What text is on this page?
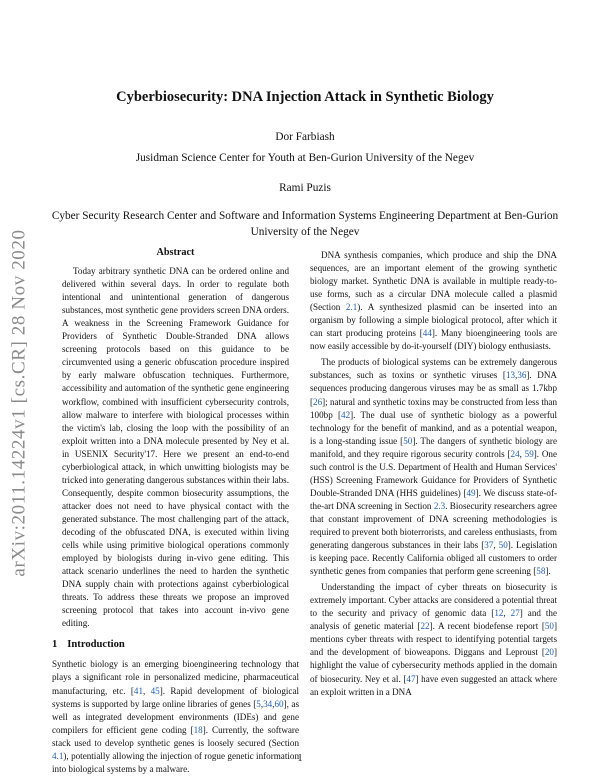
arXiv:2011.14224v1 [cs.CR] 28 Nov 2020
Cyberbiosecurity: DNA Injection Attack in Synthetic Biology
Dor Farbiash
Jusidman Science Center for Youth at Ben-Gurion University of the Negev
Rami Puzis
Cyber Security Research Center and Software and Information Systems Engineering Department at Ben-Gurion University of the Negev
Abstract

Today arbitrary synthetic DNA can be ordered online and delivered within several days. In order to regulate both intentional and unintentional generation of dangerous substances, most synthetic gene providers screen DNA orders. A weakness in the Screening Framework Guidance for Providers of Synthetic Double-Stranded DNA allows screening protocols based on this guidance to be circumvented using a generic obfuscation procedure inspired by early malware obfuscation techniques. Furthermore, accessibility and automation of the synthetic gene engineering workflow, combined with insufficient cybersecurity controls, allow malware to interfere with biological processes within the victim's lab, closing the loop with the possibility of an exploit written into a DNA molecule presented by Ney et al. in USENIX Security'17. Here we present an end-to-end cyberbiological attack, in which unwitting biologists may be tricked into generating dangerous substances within their labs. Consequently, despite common biosecurity assumptions, the attacker does not need to have physical contact with the generated substance. The most challenging part of the attack, decoding of the obfuscated DNA, is executed within living cells while using primitive biological operations commonly employed by biologists during in-vivo gene editing. This attack scenario underlines the need to harden the synthetic DNA supply chain with protections against cyberbiological threats. To address these threats we propose an improved screening protocol that takes into account in-vivo gene editing.

1 Introduction

Synthetic biology is an emerging bioengineering technology that plays a significant role in personalized medicine, pharmaceutical manufacturing, etc. [41, 45]. Rapid development of biological systems is supported by large online libraries of genes [5,34,60], as well as integrated development environments (IDEs) and gene compilers for efficient gene coding [18]. Currently, the software stack used to develop synthetic genes is loosely secured (Section 4.1), potentially allowing the injection of rogue genetic information into biological systems by a malware.

DNA synthesis companies, which produce and ship the DNA sequences, are an important element of the growing synthetic biology market. Synthetic DNA is available in multiple ready-to-use forms, such as a circular DNA molecule called a plasmid (Section 2.1). A synthesized plasmid can be inserted into an organism by following a simple biological protocol, after which it can start producing proteins [44]. Many bioengineering tools are now easily accessible by do-it-yourself (DIY) biology enthusiasts.

The products of biological systems can be extremely dangerous substances, such as toxins or synthetic viruses [13,36]. DNA sequences producing dangerous viruses may be as small as 1.7kbp [26]; natural and synthetic toxins may be constructed from less than 100bp [42]. The dual use of synthetic biology as a powerful technology for the benefit of mankind, and as a potential weapon, is a long-standing issue [50]. The dangers of synthetic biology are manifold, and they require rigorous security controls [24, 59]. One such control is the U.S. Department of Health and Human Services' (HSS) Screening Framework Guidance for Providers of Synthetic Double-Stranded DNA (HHS guidelines) [49]. We discuss state-of-the-art DNA screening in Section 2.3. Biosecurity researchers agree that constant improvement of DNA screening methodologies is required to prevent both bioterrorists, and careless enthusiasts, from generating dangerous substances in their labs [37, 50]. Legislation is keeping pace. Recently California obliged all customers to order synthetic genes from companies that perform gene screening [58].

Understanding the impact of cyber threats on biosecurity is extremely important. Cyber attacks are considered a potential threat to the security and privacy of genomic data [12, 27] and the analysis of genetic material [22]. A recent biodefense report [50] mentions cyber threats with respect to identifying potential targets and the development of bioweapons. Diggans and Leproust [20] highlight the value of cybersecurity methods applied in the domain of biosecurity. Ney et al. [47] have even suggested an attack where an exploit written in a DNA

1
